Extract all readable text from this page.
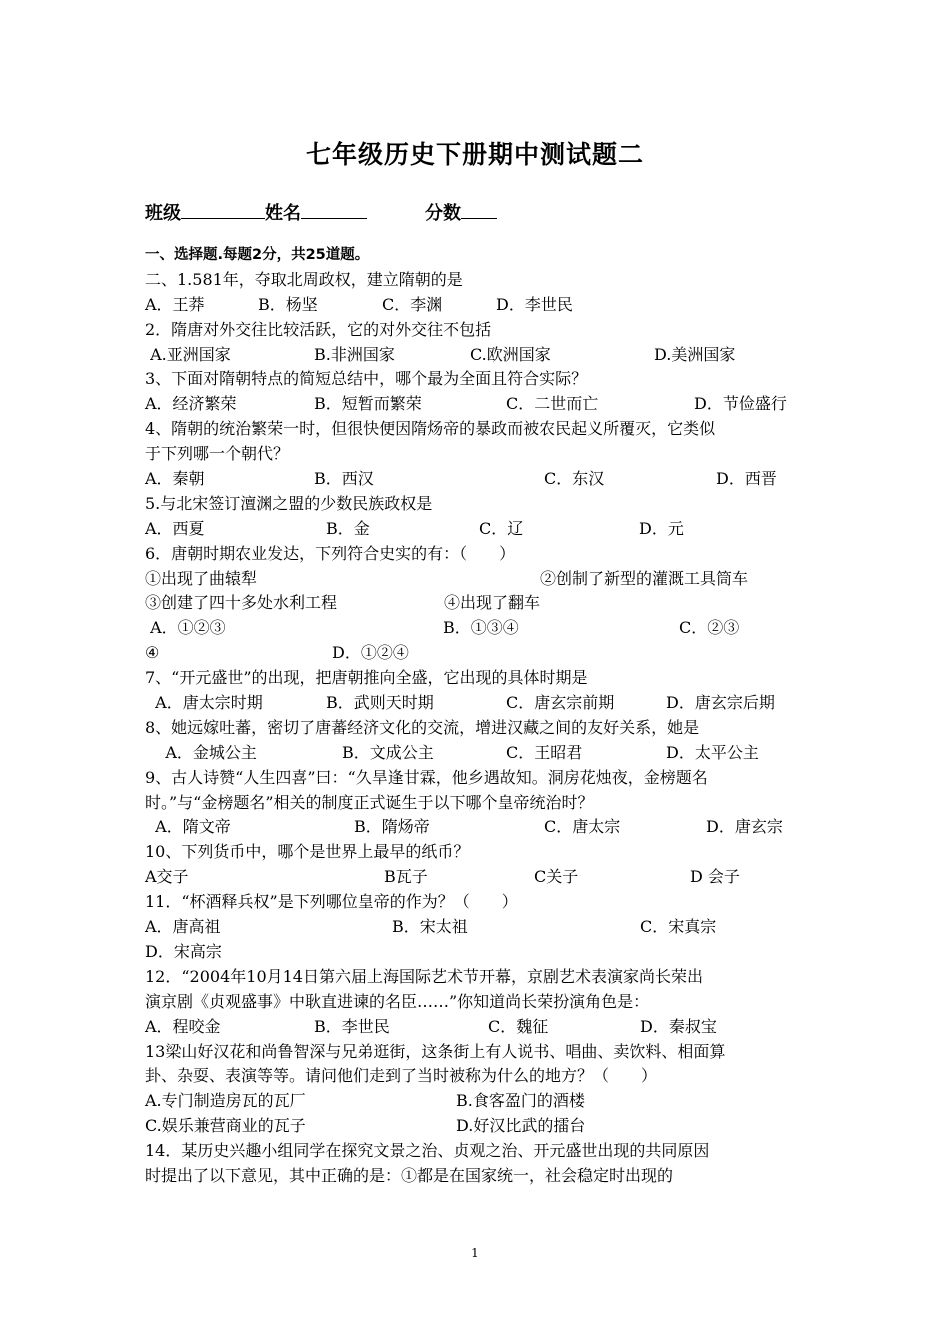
七年级历史下册期中测试题二
班级	姓名	分数
一、选择题.每题2分，共25道题。
二、1.581年，夺取北周政权，建立隋朝的是
A．王莽	B．杨坚	C．李渊	D．李世民
2．隋唐对外交往比较活跃，它的对外交往不包括
A.亚洲国家	B.非洲国家	C.欧洲国家	D.美洲国家
3、下面对隋朝特点的简短总结中，哪个最为全面且符合实际？
A．经济繁荣	B．短暂而繁荣	C．二世而亡	D．节俭盛行
4、隋朝的统治繁荣一时，但很快便因隋炀帝的暴政而被农民起义所覆灭，它类似
于下列哪一个朝代？
A．秦朝	B．西汉	C．东汉	D．西晋
5.与北宋签订澶渊之盟的少数民族政权是
A．西夏	B．金	C．辽	D．元
6．唐朝时期农业发达，下列符合史实的有：（　　）
①出现了曲辕犁	②创制了新型的灌溉工具筒车
③创建了四十多处水利工程	④出现了翻车
A．①②③	B．①③④	C．②③
④	D．①②④
7、“开元盛世”的出现，把唐朝推向全盛，它出现的具体时期是
A．唐太宗时期	B．武则天时期	C．唐玄宗前期	D．唐玄宗后期
8、她远嫁吐蕃，密切了唐蕃经济文化的交流，增进汉藏之间的友好关系，她是
A．金城公主	B．文成公主	C．王昭君	D．太平公主
9、古人诗赞“人生四喜”曰：“久旱逢甘霖，他乡遇故知。洞房花烛夜，金榜题名
时。”与“金榜题名”相关的制度正式诞生于以下哪个皇帝统治时？
A．隋文帝	B．隋炀帝	C．唐太宗	D．唐玄宗
10、下列货币中，哪个是世界上最早的纸币？
A交子	B瓦子	C关子	D 会子
11．“杯酒释兵权”是下列哪位皇帝的作为？（　　）
A．唐高祖	B．宋太祖	C．宋真宗
D．宋高宗
12．“2004年10月14日第六届上海国际艺术节开幕，京剧艺术表演家尚长荣出
演京剧《贞观盛事》中耿直进谏的名臣……”你知道尚长荣扮演角色是：
A．程咬金	B．李世民	C．魏征	D．秦叔宝
13梁山好汉花和尚鲁智深与兄弟逛街，这条街上有人说书、唱曲、卖饮料、相面算
卦、杂耍、表演等等。请问他们走到了当时被称为什么的地方？（　　）
A.专门制造房瓦的瓦厂	B.食客盈门的酒楼
C.娱乐兼营商业的瓦子	D.好汉比武的擂台
14．某历史兴趣小组同学在探究文景之治、贞观之治、开元盛世出现的共同原因
时提出了以下意见，其中正确的是：①都是在国家统一，社会稳定时出现的
1
